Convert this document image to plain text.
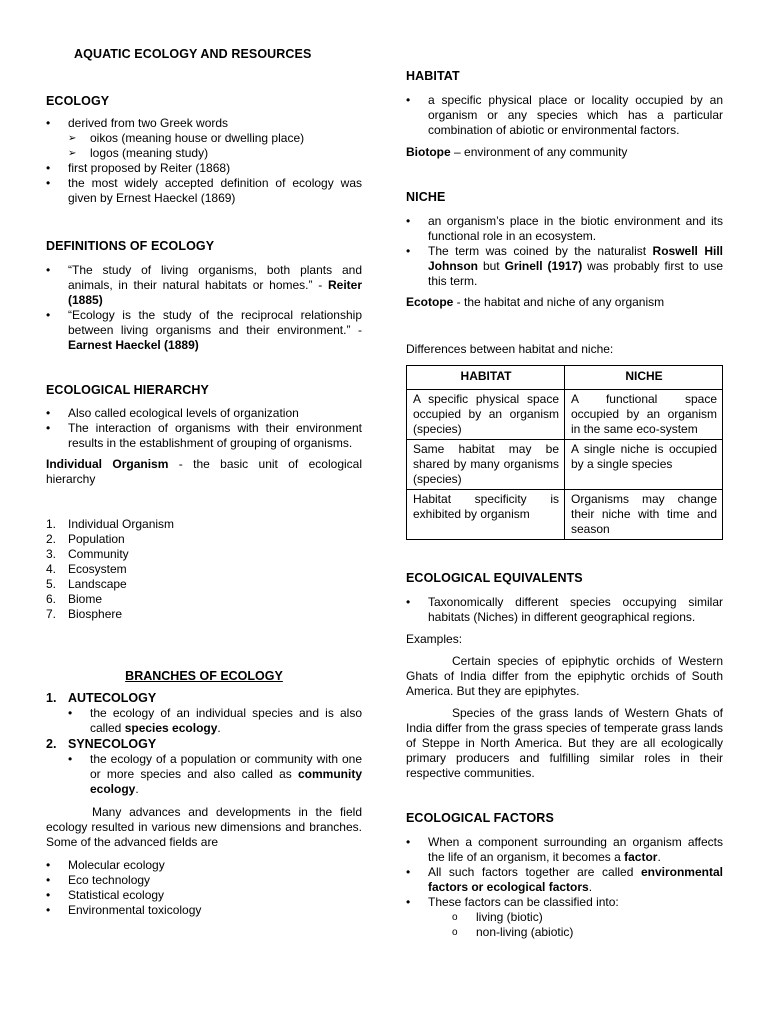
AQUATIC ECOLOGY AND RESOURCES
ECOLOGY
• derived from two Greek words
➢ oikos (meaning house or dwelling place)
➢ logos (meaning study)
• first proposed by Reiter (1868)
• the most widely accepted definition of ecology was given by Ernest Haeckel (1869)
DEFINITIONS OF ECOLOGY
• “The study of living organisms, both plants and animals, in their natural habitats or homes.” - Reiter (1885)
• “Ecology is the study of the reciprocal relationship between living organisms and their environment.” -Earnest Haeckel (1889)
ECOLOGICAL HIERARCHY
• Also called ecological levels of organization
• The interaction of organisms with their environment results in the establishment of grouping of organisms.

Individual Organism - the basic unit of ecological hierarchy

1. Individual Organism
2. Population
3. Community
4. Ecosystem
5. Landscape
6. Biome
7. Biosphere
BRANCHES OF ECOLOGY
1. AUTECOLOGY
• the ecology of an individual species and is also called species ecology.
2. SYNECOLOGY
• the ecology of a population or community with one or more species and also called as community ecology.

Many advances and developments in the field ecology resulted in various new dimensions and branches. Some of the advanced fields are

• Molecular ecology
• Eco technology
• Statistical ecology
• Environmental toxicology
HABITAT
• a specific physical place or locality occupied by an organism or any species which has a particular combination of abiotic or environmental factors.

Biotope – environment of any community

NICHE
• an organism’s place in the biotic environment and its functional role in an ecosystem.
• The term was coined by the naturalist Roswell Hill Johnson but Grinell (1917) was probably first to use this term.

Ecotope - the habitat and niche of any organism

Differences between habitat and niche:

HABITAT	NICHE
A specific physical space occupied by an organism (species)	A functional space occupied by an organism in the same eco-system
Same habitat may be shared by many organisms (species)	A single niche is occupied by a single species
Habitat specificity is exhibited by organism	Organisms may change their niche with time and season
ECOLOGICAL EQUIVALENTS
• Taxonomically different species occupying similar habitats (Niches) in different geographical regions.

Examples:

Certain species of epiphytic orchids of Western Ghats of India differ from the epiphytic orchids of South America. But they are epiphytes.

Species of the grass lands of Western Ghats of India differ from the grass species of temperate grass lands of Steppe in North America. But they are all ecologically primary producers and fulfilling similar roles in their respective communities.

ECOLOGICAL FACTORS
• When a component surrounding an organism affects the life of an organism, it becomes a factor.
• All such factors together are called environmental factors or ecological factors.
• These factors can be classified into:
o living (biotic)
o non-living (abiotic)
